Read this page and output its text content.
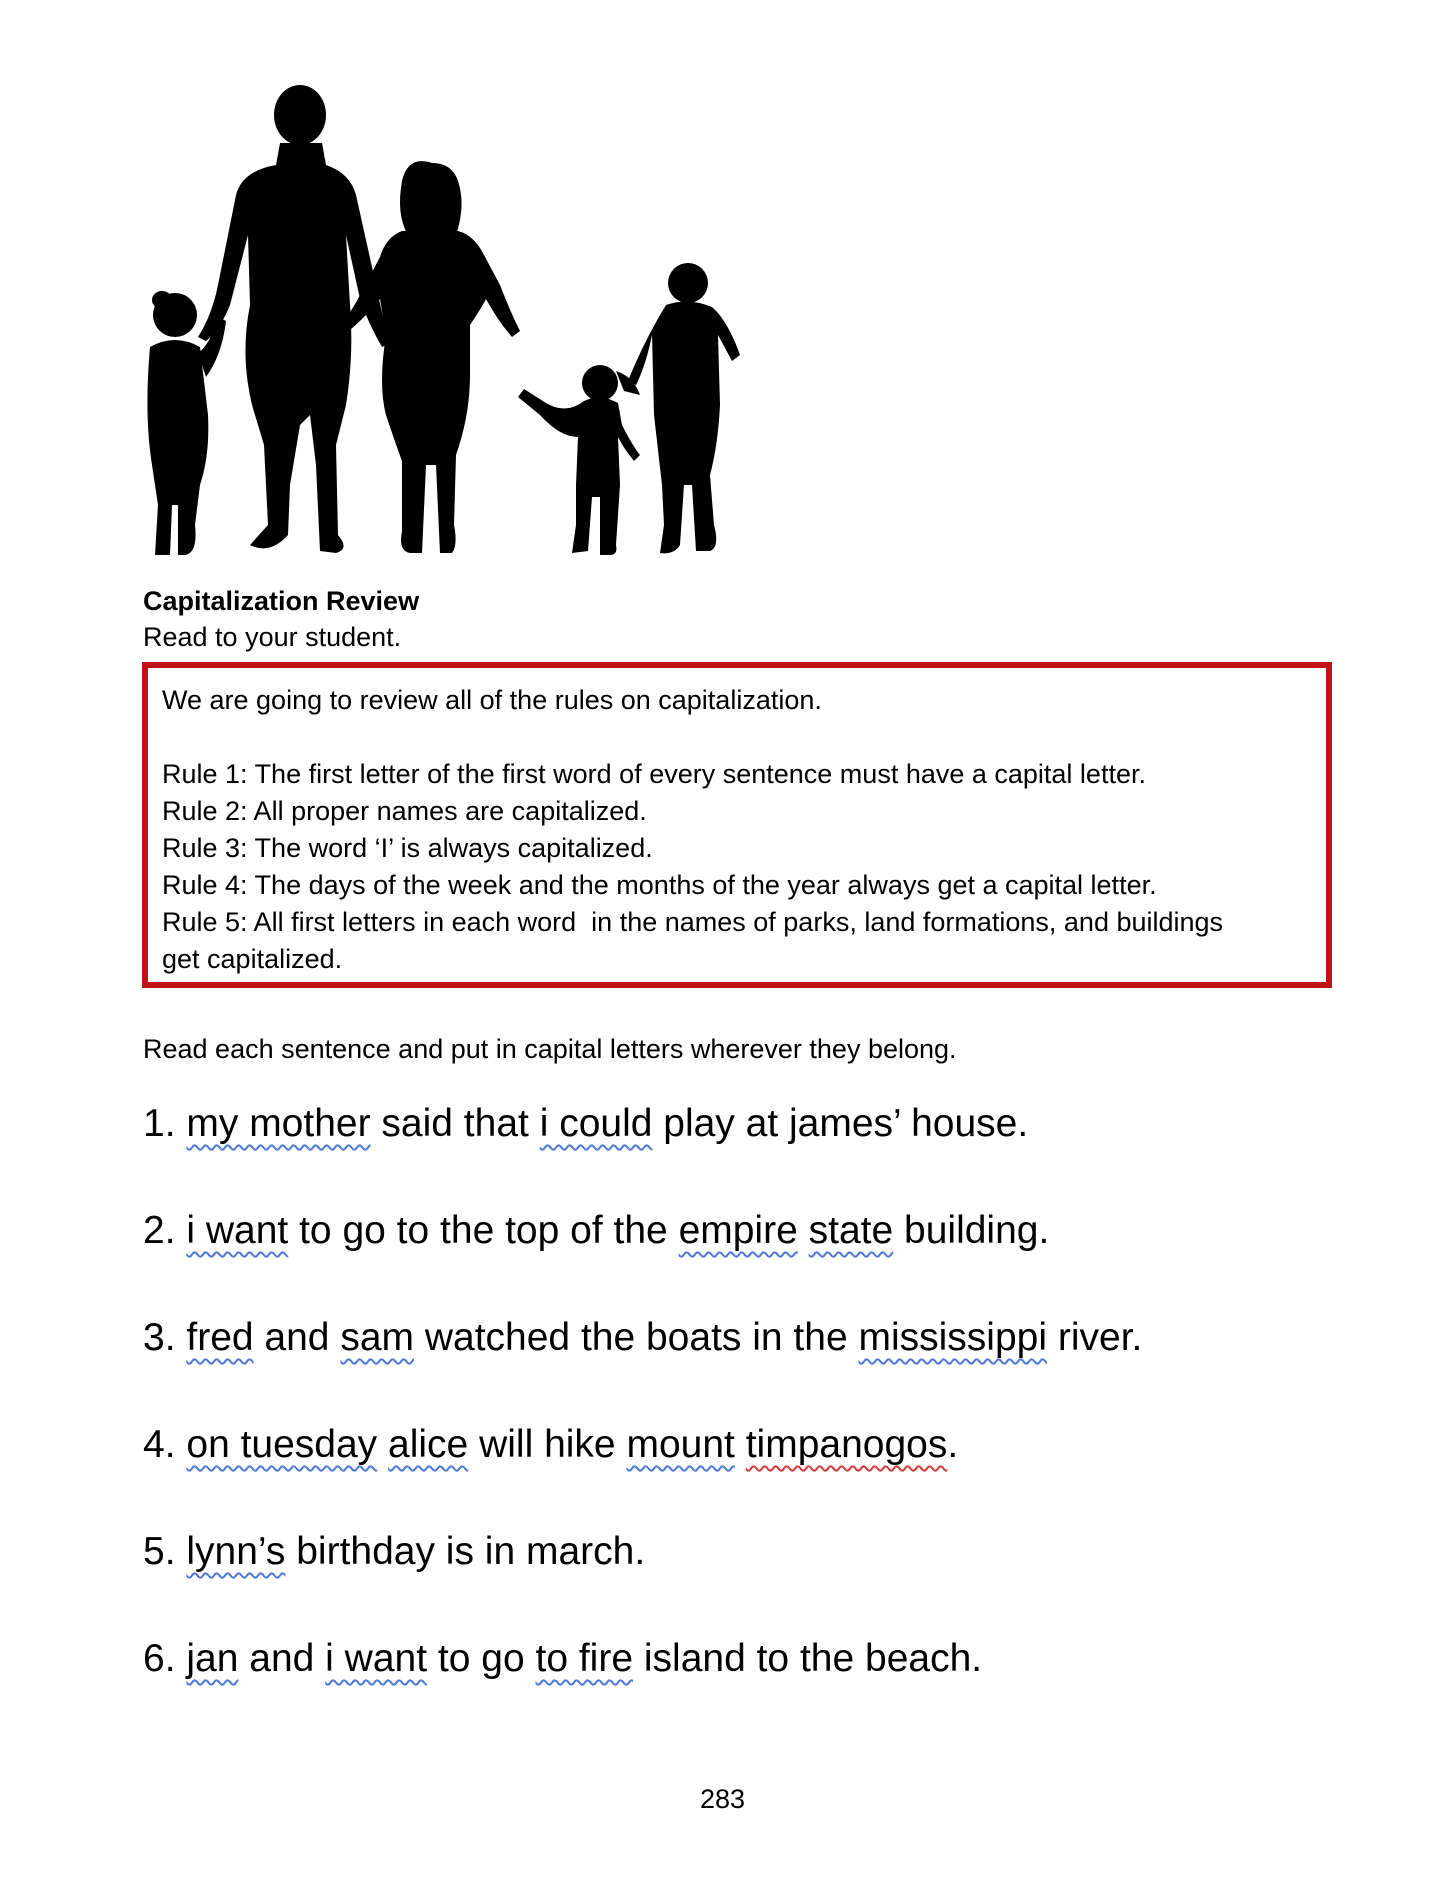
Capitalization Review
Read to your student.
We are going to review all of the rules on capitalization.
Rule 1: The first letter of the first word of every sentence must have a capital letter.
Rule 2: All proper names are capitalized.
Rule 3: The word ‘I’ is always capitalized.
Rule 4: The days of the week and the months of the year always get a capital letter.
Rule 5: All first letters in each word  in the names of parks, land formations, and buildings
get capitalized.
Read each sentence and put in capital letters wherever they belong.
1. my mother said that i could play at james’ house.
2. i want to go to the top of the empire state building.
3. fred and sam watched the boats in the mississippi river.
4. on tuesday alice will hike mount timpanogos.
5. lynn’s birthday is in march.
6. jan and i want to go to fire island to the beach.
283
